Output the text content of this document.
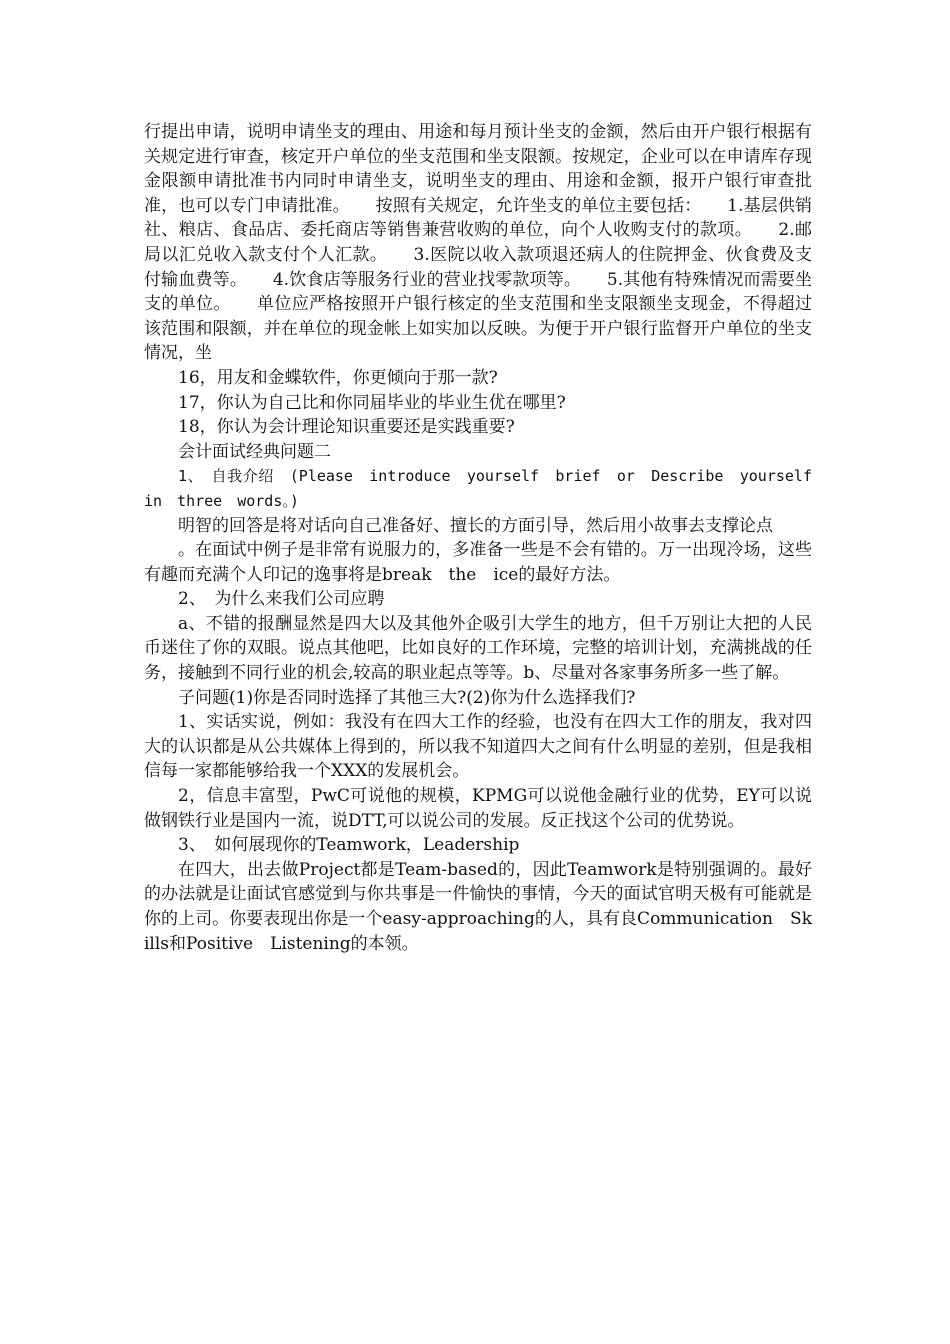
行提出申请，说明申请坐支的理由、用途和每月预计坐支的金额，然后由开户银行根据有关规定进行审查，核定开户单位的坐支范围和坐支限额。按规定，企业可以在申请库存现金限额申请批准书内同时申请坐支，说明坐支的理由、用途和金额，报开户银行审查批准，也可以专门申请批准。　　按照有关规定，允许坐支的单位主要包括：　　1.基层供销社、粮店、食品店、委托商店等销售兼营收购的单位，向个人收购支付的款项。　　2.邮局以汇兑收入款支付个人汇款。　　3.医院以收入款项退还病人的住院押金、伙食费及支付输血费等。　　4.饮食店等服务行业的营业找零款项等。　　5.其他有特殊情况而需要坐支的单位。　　单位应严格按照开户银行核定的坐支范围和坐支限额坐支现金，不得超过该范围和限额，并在单位的现金帐上如实加以反映。为便于开户银行监督开户单位的坐支情况，坐

16，用友和金蝶软件，你更倾向于那一款?

17，你认为自己比和你同届毕业的毕业生优在哪里?

18，你认为会计理论知识重要还是实践重要?

会计面试经典问题二

1、　自我介绍　(Please　introduce　yourself　brief　or　Describe　yourself　in　three　words。)

明智的回答是将对话向自己准备好、擅长的方面引导，然后用小故事去支撑论点

。在面试中例子是非常有说服力的，多准备一些是不会有错的。万一出现冷场，这些有趣而充满个人印记的逸事将是break　the　ice的最好方法。

2、　为什么来我们公司应聘

a、不错的报酬显然是四大以及其他外企吸引大学生的地方，但千万别让大把的人民币迷住了你的双眼。说点其他吧，比如良好的工作环境，完整的培训计划，充满挑战的任务，接触到不同行业的机会,较高的职业起点等等。b、尽量对各家事务所多一些了解。

子问题(1)你是否同时选择了其他三大?(2)你为什么选择我们?

1、实话实说，例如：我没有在四大工作的经验，也没有在四大工作的朋友，我对四大的认识都是从公共媒体上得到的，所以我不知道四大之间有什么明显的差别，但是我相信每一家都能够给我一个XXX的发展机会。

2，信息丰富型，PwC可说他的规模，KPMG可以说他金融行业的优势，EY可以说做钢铁行业是国内一流，说DTT,可以说公司的发展。反正找这个公司的优势说。

3、　如何展现你的Teamwork，Leadership

在四大，出去做Project都是Team-based的，因此Teamwork是特别强调的。最好的办法就是让面试官感觉到与你共事是一件愉快的事情，今天的面试官明天极有可能就是你的上司。你要表现出你是一个easy-approaching的人，具有良Communication　Skills和Positive　Listening的本领。
